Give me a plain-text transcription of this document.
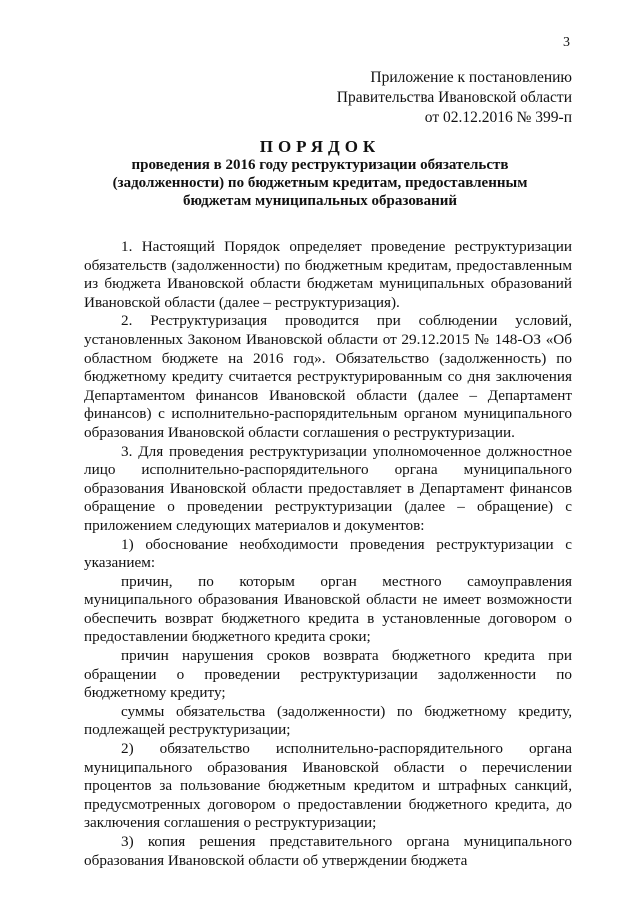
3
Приложение к постановлению
Правительства Ивановской области
от 02.12.2016 № 399-п
ПОРЯДОК
проведения в 2016 году реструктуризации обязательств (задолженности) по бюджетным кредитам, предоставленным бюджетам муниципальных образований

1. Настоящий Порядок определяет проведение реструктуризации обязательств (задолженности) по бюджетным кредитам, предоставленным из бюджета Ивановской области бюджетам муниципальных образований Ивановской области (далее – реструктуризация).

2. Реструктуризация проводится при соблюдении условий, установленных Законом Ивановской области от 29.12.2015 № 148-ОЗ «Об областном бюджете на 2016 год». Обязательство (задолженность) по бюджетному кредиту считается реструктурированным со дня заключения Департаментом финансов Ивановской области (далее – Департамент финансов) с исполнительно-распорядительным органом муниципального образования Ивановской области соглашения о реструктуризации.

3. Для проведения реструктуризации уполномоченное должностное лицо исполнительно-распорядительного органа муниципального образования Ивановской области предоставляет в Департамент финансов обращение о проведении реструктуризации (далее – обращение) с приложением следующих материалов и документов:

1) обоснование необходимости проведения реструктуризации с указанием:

причин, по которым орган местного самоуправления муниципального образования Ивановской области не имеет возможности обеспечить возврат бюджетного кредита в установленные договором о предоставлении бюджетного кредита сроки;

причин нарушения сроков возврата бюджетного кредита при обращении о проведении реструктуризации задолженности по бюджетному кредиту;

суммы обязательства (задолженности) по бюджетному кредиту, подлежащей реструктуризации;

2) обязательство исполнительно-распорядительного органа муниципального образования Ивановской области о перечислении процентов за пользование бюджетным кредитом и штрафных санкций, предусмотренных договором о предоставлении бюджетного кредита, до заключения соглашения о реструктуризации;

3) копия решения представительного органа муниципального образования Ивановской области об утверждении бюджета
